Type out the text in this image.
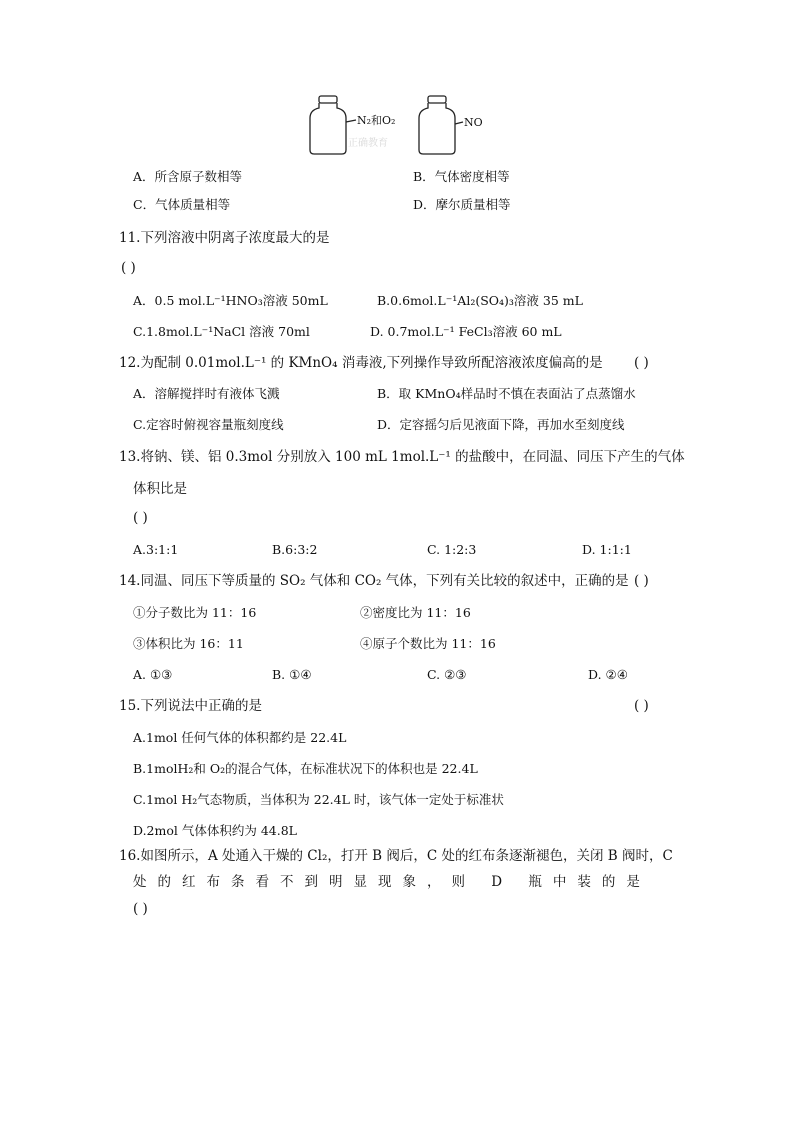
N₂和O₂	NO
正确教育
A．所含原子数相等	B．气体密度相等
C．气体质量相等	D．摩尔质量相等
11.下列溶液中阴离子浓度最大的是
( )
A．0.5 mol.L⁻¹HNO₃溶液 50mL	B.0.6mol.L⁻¹Al₂(SO₄)₃溶液 35 mL
C.1.8mol.L⁻¹NaCl 溶液 70ml	D. 0.7mol.L⁻¹ FeCl₃溶液 60 mL
12.为配制 0.01mol.L⁻¹ 的 KMnO₄ 消毒液,下列操作导致所配溶液浓度偏高的是 ( )
A．溶解搅拌时有液体飞溅	B．取 KMnO₄样品时不慎在表面沾了点蒸馏水
C.定容时俯视容量瓶刻度线	D．定容摇匀后见液面下降，再加水至刻度线
13.将钠、镁、铝 0.3mol 分别放入 100 mL 1mol.L⁻¹ 的盐酸中，在同温、同压下产生的气体
体积比是
( )
A.3:1:1	B.6:3:2	C. 1:2:3	D. 1:1:1
14.同温、同压下等质量的 SO₂ 气体和 CO₂ 气体，下列有关比较的叙述中，正确的是 ( )
①分子数比为 11：16	②密度比为 11：16
③体积比为 16：11	④原子个数比为 11：16
A. ①③	B. ①④	C. ②③	D. ②④
15.下列说法中正确的是	( )
A.1mol 任何气体的体积都约是 22.4L
B.1molH₂和 O₂的混合气体，在标准状况下的体积也是 22.4L
C.1mol H₂气态物质，当体积为 22.4L 时，该气体一定处于标准状
D.2mol 气体体积约为 44.8L
16.如图所示，A 处通入干燥的 Cl₂，打开 B 阀后，C 处的红布条逐渐褪色，关闭 B 阀时，C
处的红布条看不到明显现象，则 D 瓶中装的是
( )
